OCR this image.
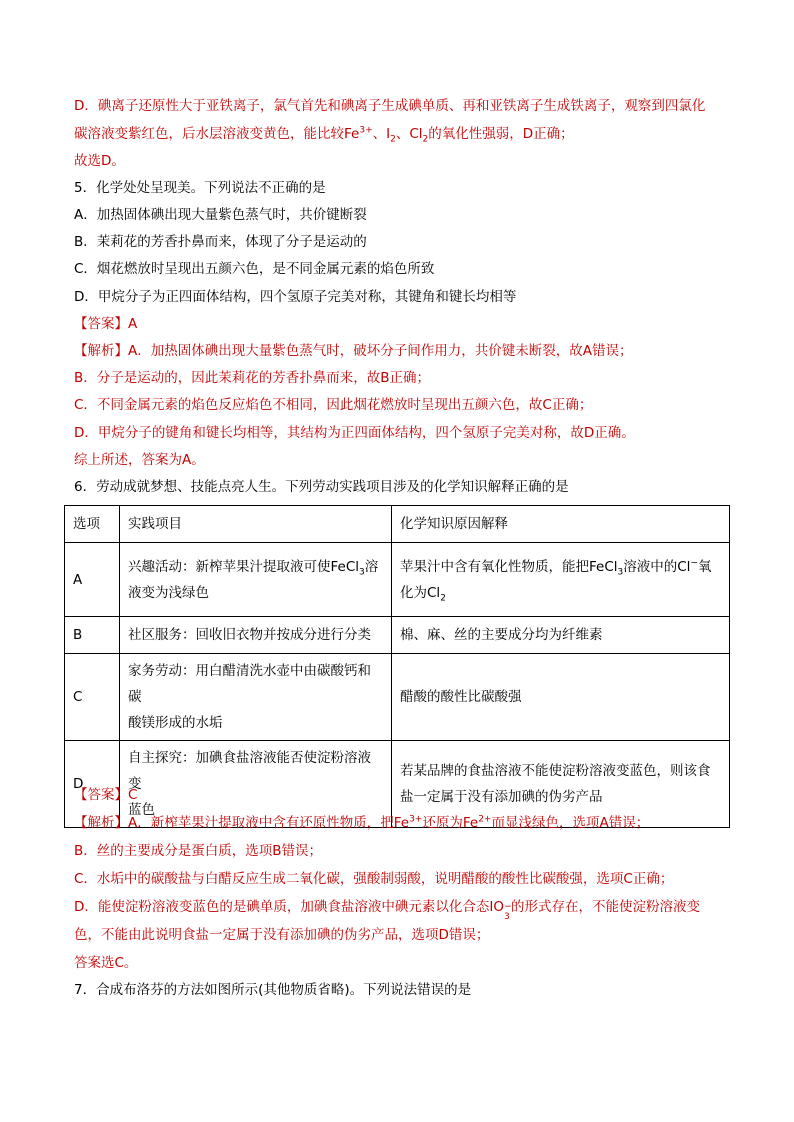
D．碘离子还原性大于亚铁离子，氯气首先和碘离子生成碘单质、再和亚铁离子生成铁离子，观察到四氯化
碳溶液变紫红色，后水层溶液变黄色，能比较$Fe^{3+}$、$I_2$、$Cl_2$的氧化性强弱，D正确；
故选D。
5．化学处处呈现美。下列说法不正确的是
A．加热固体碘出现大量紫色蒸气时，共价键断裂
B．茉莉花的芳香扑鼻而来，体现了分子是运动的
C．烟花燃放时呈现出五颜六色，是不同金属元素的焰色所致
D．甲烷分子为正四面体结构，四个氢原子完美对称，其键角和键长均相等
【答案】A
【解析】A．加热固体碘出现大量紫色蒸气时，破坏分子间作用力，共价键未断裂，故A错误；
B．分子是运动的，因此茉莉花的芳香扑鼻而来，故B正确；
C．不同金属元素的焰色反应焰色不相同，因此烟花燃放时呈现出五颜六色，故C正确；
D．甲烷分子的键角和键长均相等，其结构为正四面体结构，四个氢原子完美对称，故D正确。
综上所述，答案为A。
6．劳动成就梦想、技能点亮人生。下列劳动实践项目涉及的化学知识解释正确的是
选项	实践项目	化学知识原因解释
A	兴趣活动：新榨苹果汁提取液可使FeCl$_3$溶
液变为浅绿色	苹果汁中含有氧化性物质，能把FeCl$_3$溶液中的Cl−氧
化为$Cl_2$
B	社区服务：回收旧衣物并按成分进行分类	棉、麻、丝的主要成分均为纤维素
C	家务劳动：用白醋清洗水壶中由碳酸钙和碳
酸镁形成的水垢	醋酸的酸性比碳酸强
D	自主探究：加碘食盐溶液能否使淀粉溶液变
蓝色	若某品牌的食盐溶液不能使淀粉溶液变蓝色，则该食
盐一定属于没有添加碘的伪劣产品
【答案】C
【解析】A．新榨苹果汁提取液中含有还原性物质，把$Fe^{3+}$还原为$Fe^{2+}$而显浅绿色，选项A错误；
B．丝的主要成分是蛋白质，选项B错误；
C．水垢中的碳酸盐与白醋反应生成二氧化碳，强酸制弱酸，说明醋酸的酸性比碳酸强，选项C正确；
D．能使淀粉溶液变蓝色的是碘单质，加碘食盐溶液中碘元素以化合态IO −
3
的形式存在，不能使淀粉溶液变
色，不能由此说明食盐一定属于没有添加碘的伪劣产品，选项D错误；
答案选C。
7．合成布洛芬的方法如图所示(其他物质省略)。下列说法错误的是
